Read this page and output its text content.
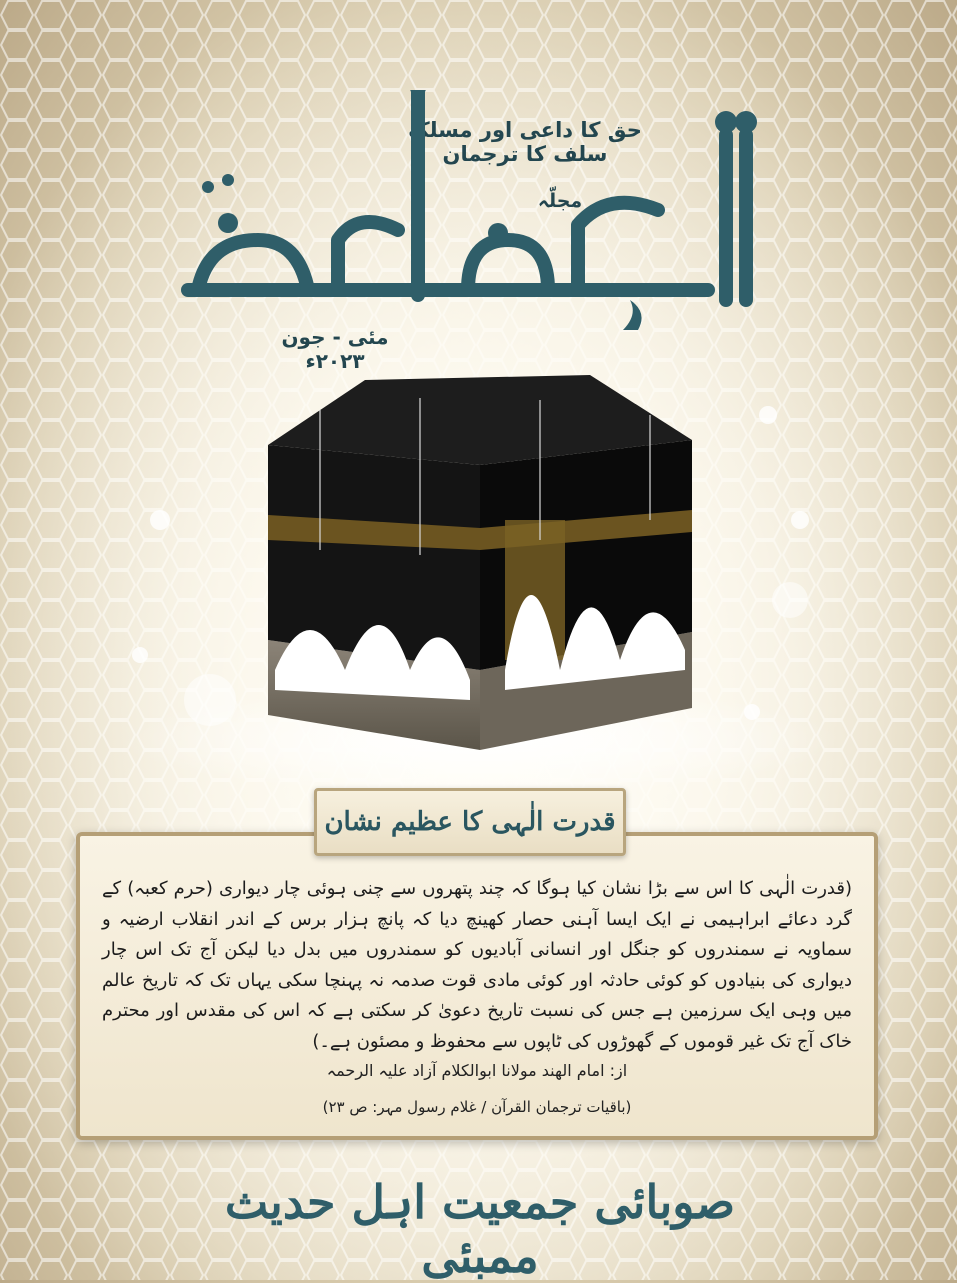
حق کا داعی اور مسلک سلف کا ترجمان
مجلّہ
مئی - جون ۲۰۲۳ء
قدرت الٰہی کا عظیم نشان
(قدرت الٰہی کا اس سے بڑا نشان کیا ہوگا کہ چند پتھروں سے چنی ہوئی چار دیواری (حرم کعبہ) کے گرد دعائے ابراہیمی نے ایک ایسا آہنی حصار کھینچ دیا کہ پانچ ہزار برس کے اندر انقلاب ارضیہ و سماویہ نے سمندروں کو جنگل اور انسانی آبادیوں کو سمندروں میں بدل دیا لیکن آج تک اس چار دیواری کی بنیادوں کو کوئی حادثہ اور کوئی مادی قوت صدمہ نہ پہنچا سکی یہاں تک کہ تاریخ عالم میں وہی ایک سرزمین ہے جس کی نسبت تاریخ دعویٰ کر سکتی ہے کہ اس کی مقدس اور محترم خاک آج تک غیر قوموں کے گھوڑوں کی ٹاپوں سے محفوظ و مصئون ہے۔)
از: امام الهند مولانا ابوالکلام آزاد علیہ الرحمہ
(باقیات ترجمان القرآن / غلام رسول مہر: ص ۲۳)
صوبائی جمعیت اہل حدیث ممبئی
